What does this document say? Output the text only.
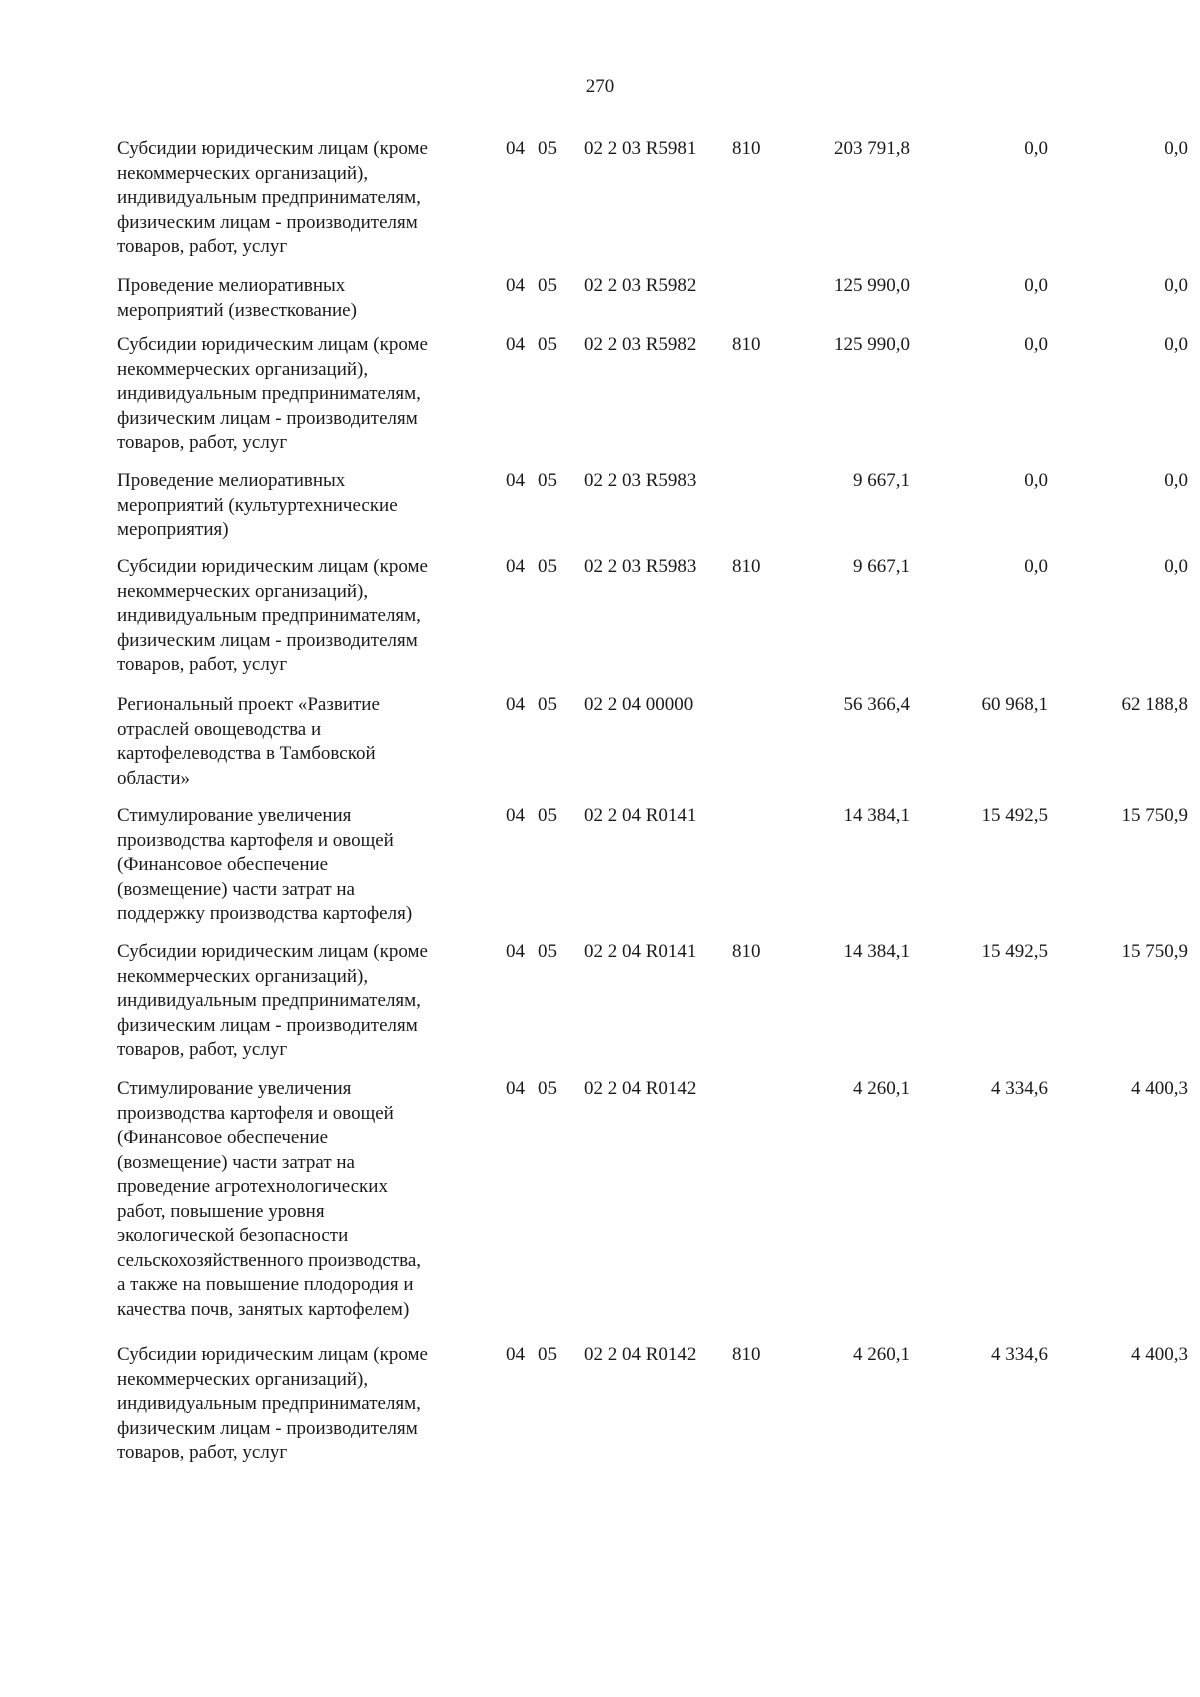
270
Субсидии юридическим лицам (кроме
некоммерческих организаций),
индивидуальным предпринимателям,
физическим лицам - производителям
товаров, работ, услуг
04 05 02 2 03 R5981 810	203 791,8	0,0	0,0
Проведение мелиоративных
мероприятий (известкование)
04 05 02 2 03 R5982	125 990,0	0,0	0,0
Субсидии юридическим лицам (кроме
некоммерческих организаций),
индивидуальным предпринимателям,
физическим лицам - производителям
товаров, работ, услуг
04 05 02 2 03 R5982 810	125 990,0	0,0	0,0
Проведение мелиоративных
мероприятий (культуртехнические
мероприятия)
04 05 02 2 03 R5983	9 667,1	0,0	0,0
Субсидии юридическим лицам (кроме
некоммерческих организаций),
индивидуальным предпринимателям,
физическим лицам - производителям
товаров, работ, услуг
04 05 02 2 03 R5983 810	9 667,1	0,0	0,0
Региональный проект «Развитие
отраслей овощеводства и
картофелеводства в Тамбовской
области»
04 05 02 2 04 00000	56 366,4	60 968,1	62 188,8
Стимулирование увеличения
производства картофеля и овощей
(Финансовое обеспечение
(возмещение) части затрат на
поддержку производства картофеля)
04 05 02 2 04 R0141	14 384,1	15 492,5	15 750,9
Субсидии юридическим лицам (кроме
некоммерческих организаций),
индивидуальным предпринимателям,
физическим лицам - производителям
товаров, работ, услуг
04 05 02 2 04 R0141 810	14 384,1	15 492,5	15 750,9
Стимулирование увеличения
производства картофеля и овощей
(Финансовое обеспечение
(возмещение) части затрат на
проведение агротехнологических
работ, повышение уровня
экологической безопасности
сельскохозяйственного производства,
а также на повышение плодородия и
качества почв, занятых картофелем)
04 05 02 2 04 R0142	4 260,1	4 334,6	4 400,3
Субсидии юридическим лицам (кроме
некоммерческих организаций),
индивидуальным предпринимателям,
физическим лицам - производителям
товаров, работ, услуг
04 05 02 2 04 R0142 810	4 260,1	4 334,6	4 400,3
